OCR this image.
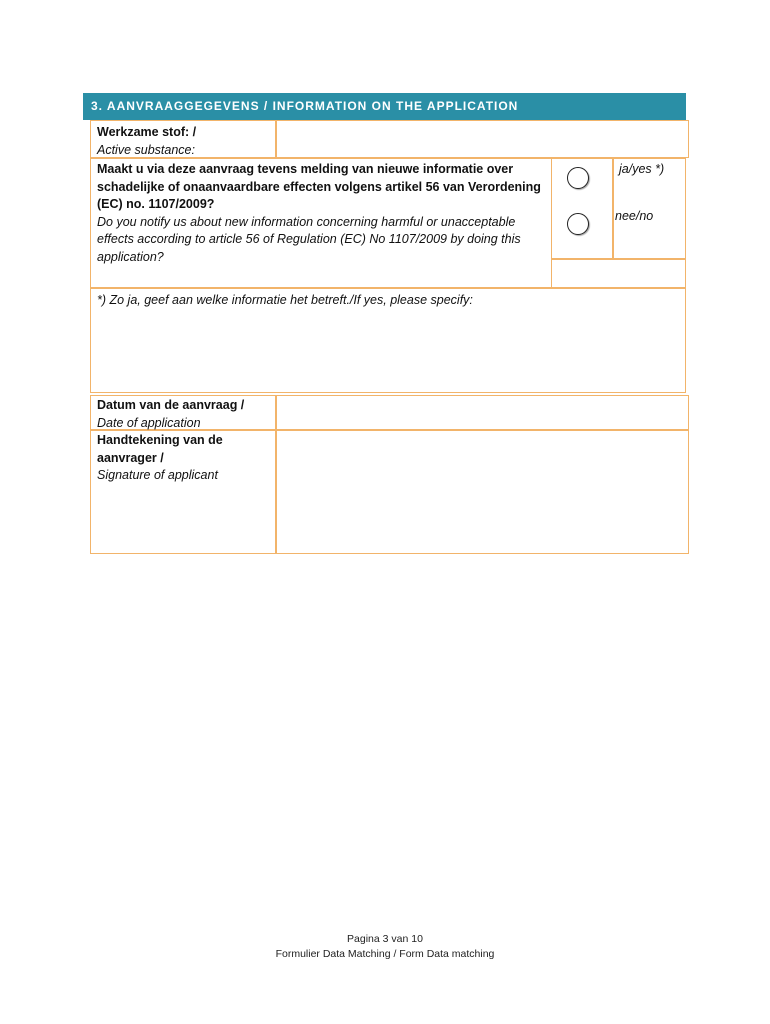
3. AANVRAAGGEGEVENS / INFORMATION ON THE APPLICATION
Werkzame stof: /
Active substance:
Maakt u via deze aanvraag tevens melding van nieuwe informatie over schadelijke of onaanvaardbare effecten volgens artikel 56 van Verordening (EC) no. 1107/2009?
Do you notify us about new information concerning harmful or unacceptable effects according to article 56 of Regulation (EC) No 1107/2009 by doing this application?
ja/yes *)
nee/no
*) Zo ja, geef aan welke informatie het betreft./If yes, please specify:
Datum van de aanvraag /
Date of application
Handtekening van de aanvrager /
Signature of applicant
Pagina 3 van 10
Formulier Data Matching / Form Data matching
